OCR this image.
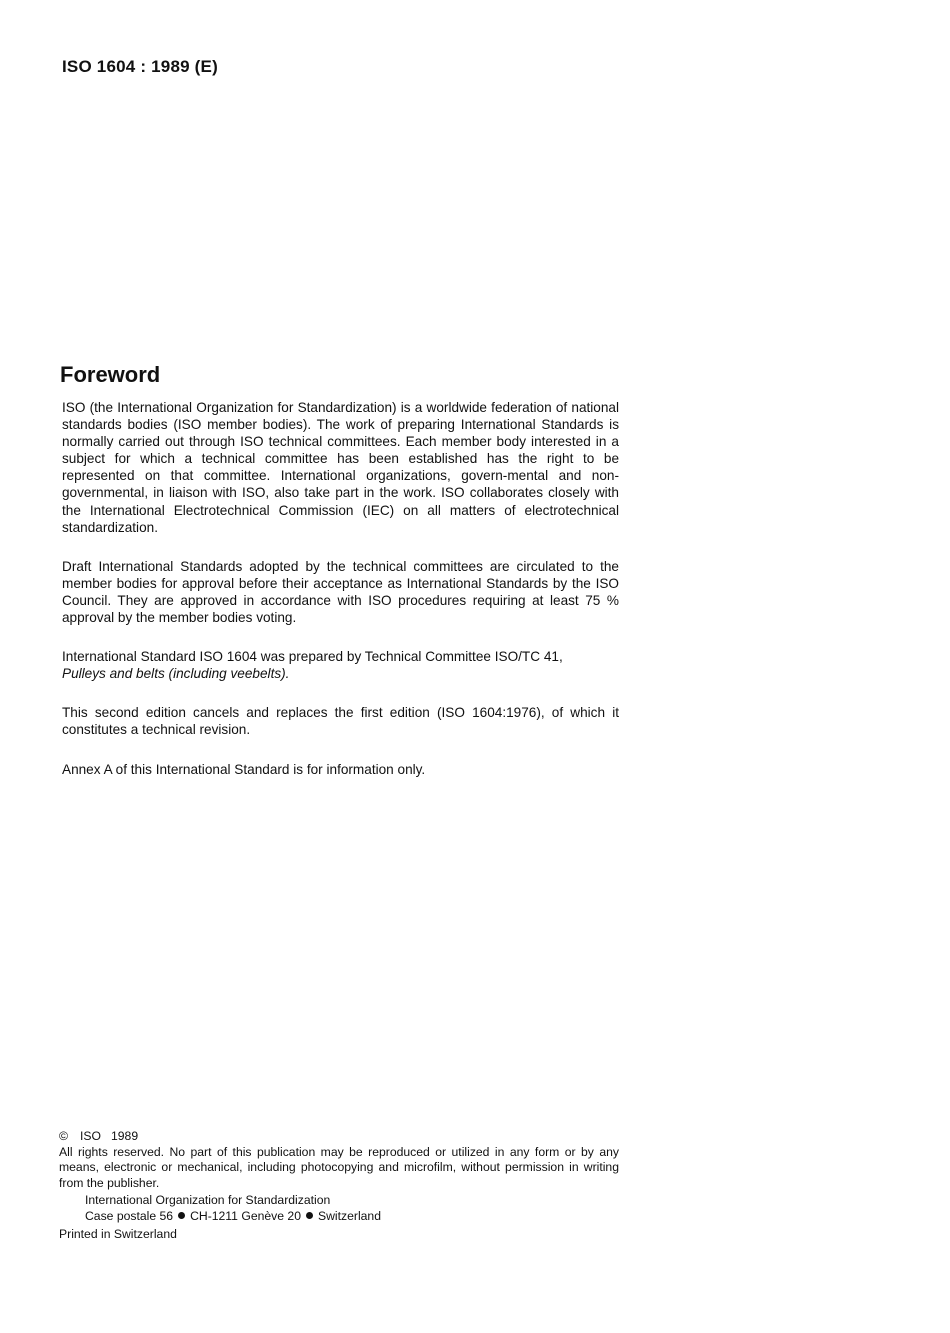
ISO 1604 : 1989 (E)
Foreword

ISO (the International Organization for Standardization) is a worldwide federation of national standards bodies (ISO member bodies). The work of preparing International Standards is normally carried out through ISO technical committees. Each member body interested in a subject for which a technical committee has been established has the right to be represented on that committee. International organizations, govern-mental and non-governmental, in liaison with ISO, also take part in the work. ISO collaborates closely with the International Electrotechnical Commission (IEC) on all matters of electrotechnical standardization.

Draft International Standards adopted by the technical committees are circulated to the member bodies for approval before their acceptance as International Standards by the ISO Council. They are approved in accordance with ISO procedures requiring at least 75 % approval by the member bodies voting.

International Standard ISO 1604 was prepared by Technical Committee ISO/TC 41,
Pulleys and belts (including veebelts).

This second edition cancels and replaces the first edition (ISO 1604:1976), of which it constitutes a technical revision.

Annex A of this International Standard is for information only.

© ISO 1989

All rights reserved. No part of this publication may be reproduced or utilized in any form or by any means, electronic or mechanical, including photocopying and microfilm, without permission in writing from the publisher.

International Organization for Standardization

Case postale 56 CH-1211 Genève 20 Switzerland

Printed in Switzerland
